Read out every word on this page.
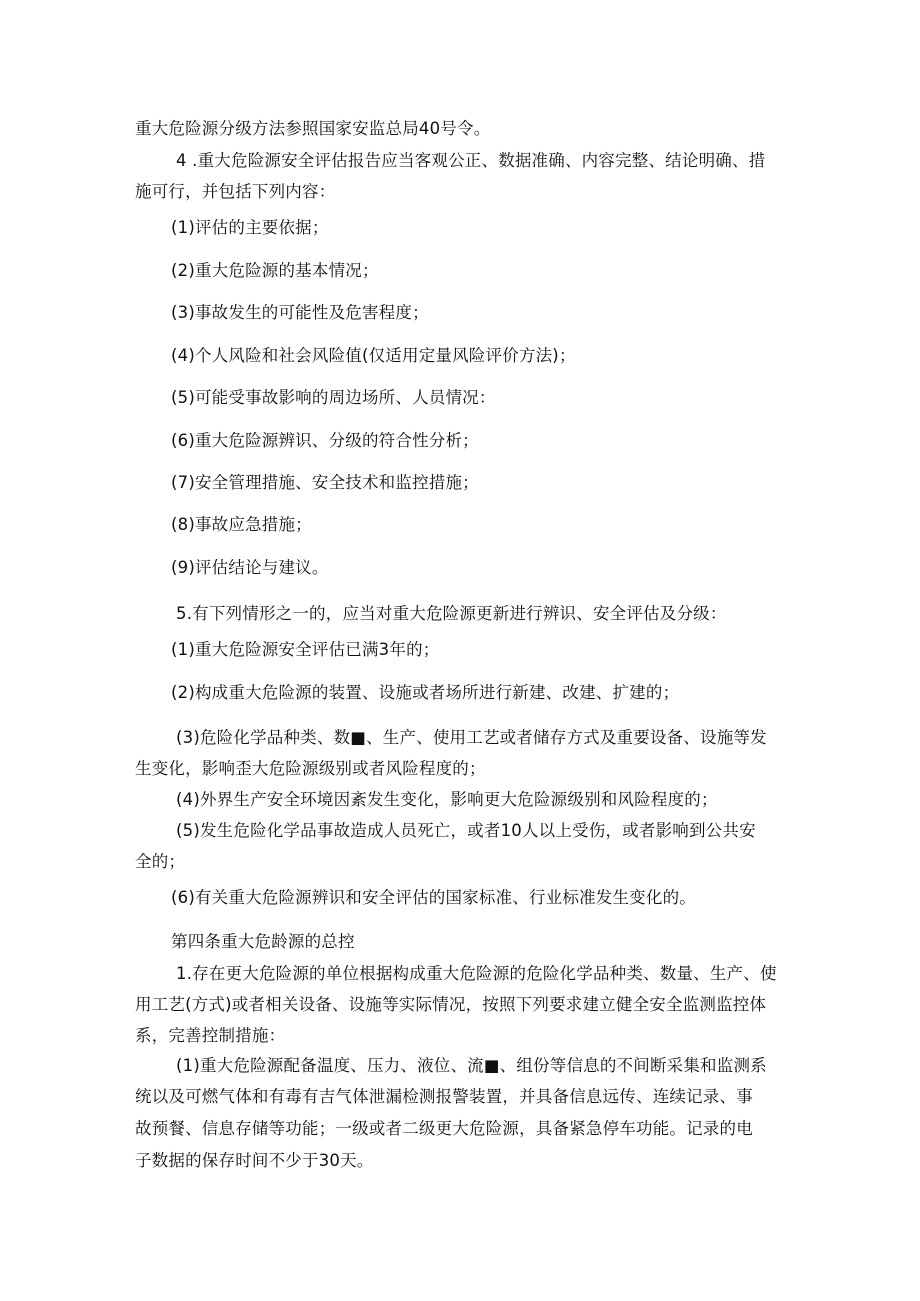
重大危险源分级方法参照国家安监总局40号令。
4 .重大危险源安全评估报告应当客观公正、数据准确、内容完整、结论明确、措
施可行，并包括下列内容：
(1)评估的主要依据；
(2)重大危险源的基本情况；
(3)事故发生的可能性及危害程度；
(4)个人风险和社会风险值(仅适用定量风险评价方法)；
(5)可能受事故影响的周边场所、人员情况：
(6)重大危险源辨识、分级的符合性分析；
(7)安全管理措施、安全技术和监控措施；
(8)事故应急措施；
(9)评估结论与建议。
5.有下列情形之一的，应当对重大危险源更新进行辨识、安全评估及分级：
(1)重大危险源安全评估已满3年的；
(2)构成重大危险源的装置、设施或者场所进行新建、改建、扩建的；
(3)危险化学品种类、数■、生产、使用工艺或者储存方式及重要设备、设施等发
生变化，影响歪大危险源级别或者风险程度的；
(4)外界生产安全环境因紊发生变化，影响更大危险源级别和风险程度的；
(5)发生危险化学品事故造成人员死亡，或者10人以上受伤，或者影响到公共安
全的；
(6)有关重大危险源辨识和安全评估的国家标准、行业标准发生变化的。
第四条重大危龄源的总控
1.存在更大危险源的单位根据构成重大危险源的危险化学品种类、数量、生产、使
用工艺(方式)或者相关设备、设施等实际情况，按照下列要求建立健全安全监测监控体
系，完善控制措施：
(1)重大危险源配备温度、压力、液位、流■、组份等信息的不间断采集和监测系
统以及可燃气体和有毒有吉气体泄漏检测报警装置，并具备信息远传、连续记录、事
故预餐、信息存储等功能；一级或者二级更大危险源，具备紧急停车功能。记录的电
子数据的保存时间不少于30天。
